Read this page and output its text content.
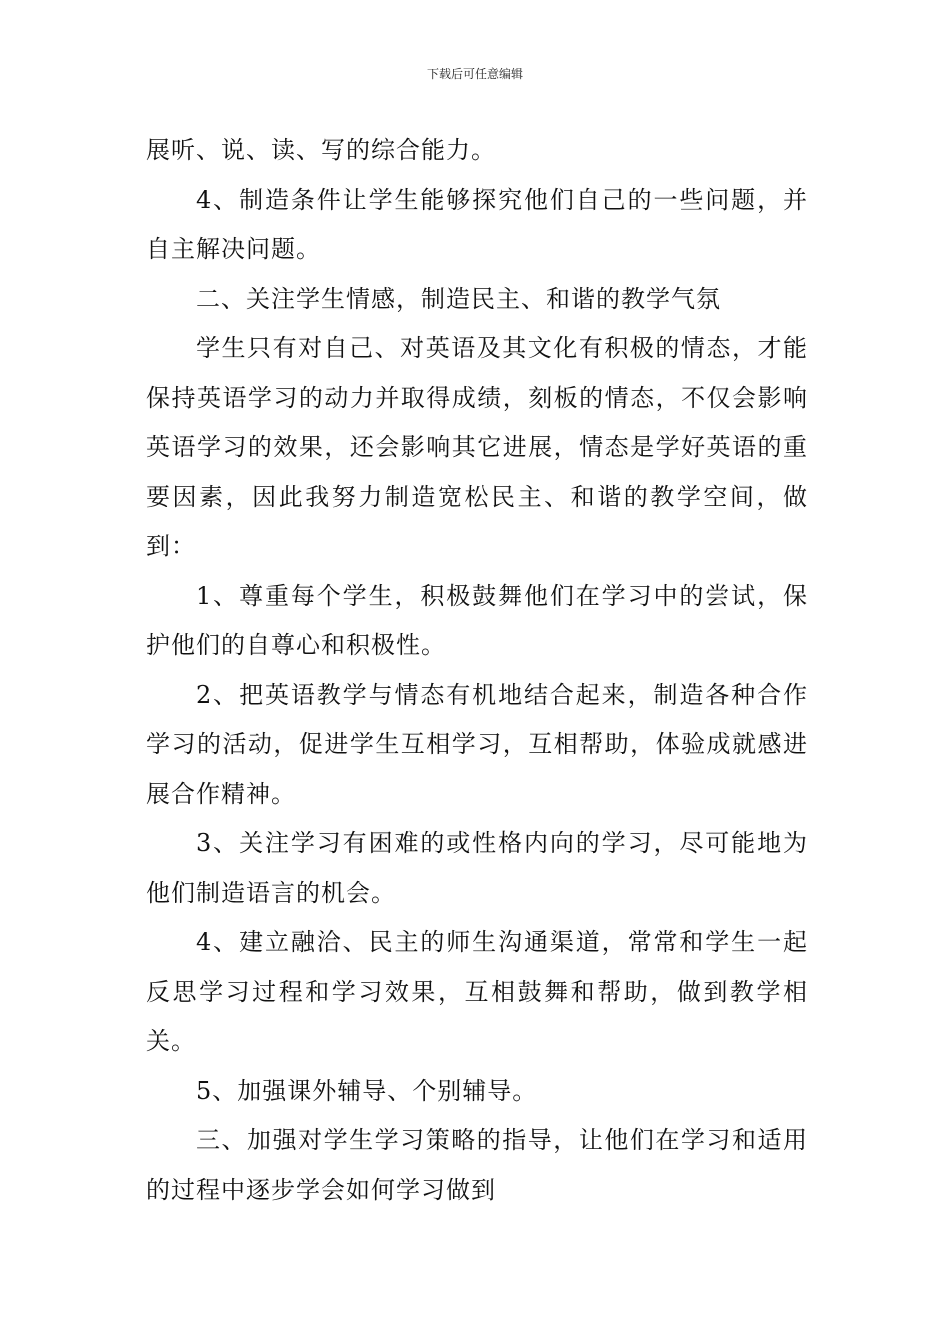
下载后可任意编辑

展听、说、读、写的综合能力。

4、制造条件让学生能够探究他们自己的一些问题，并自主解决问题。

二、关注学生情感，制造民主、和谐的教学气氛

学生只有对自己、对英语及其文化有积极的情态，才能保持英语学习的动力并取得成绩，刻板的情态，不仅会影响英语学习的效果，还会影响其它进展，情态是学好英语的重要因素，因此我努力制造宽松民主、和谐的教学空间，做到：

1、尊重每个学生，积极鼓舞他们在学习中的尝试，保护他们的自尊心和积极性。

2、把英语教学与情态有机地结合起来，制造各种合作学习的活动，促进学生互相学习，互相帮助，体验成就感进展合作精神。

3、关注学习有困难的或性格内向的学习，尽可能地为他们制造语言的机会。

4、建立融洽、民主的师生沟通渠道，常常和学生一起反思学习过程和学习效果，互相鼓舞和帮助，做到教学相关。

5、加强课外辅导、个别辅导。

三、加强对学生学习策略的指导，让他们在学习和适用的过程中逐步学会如何学习做到
